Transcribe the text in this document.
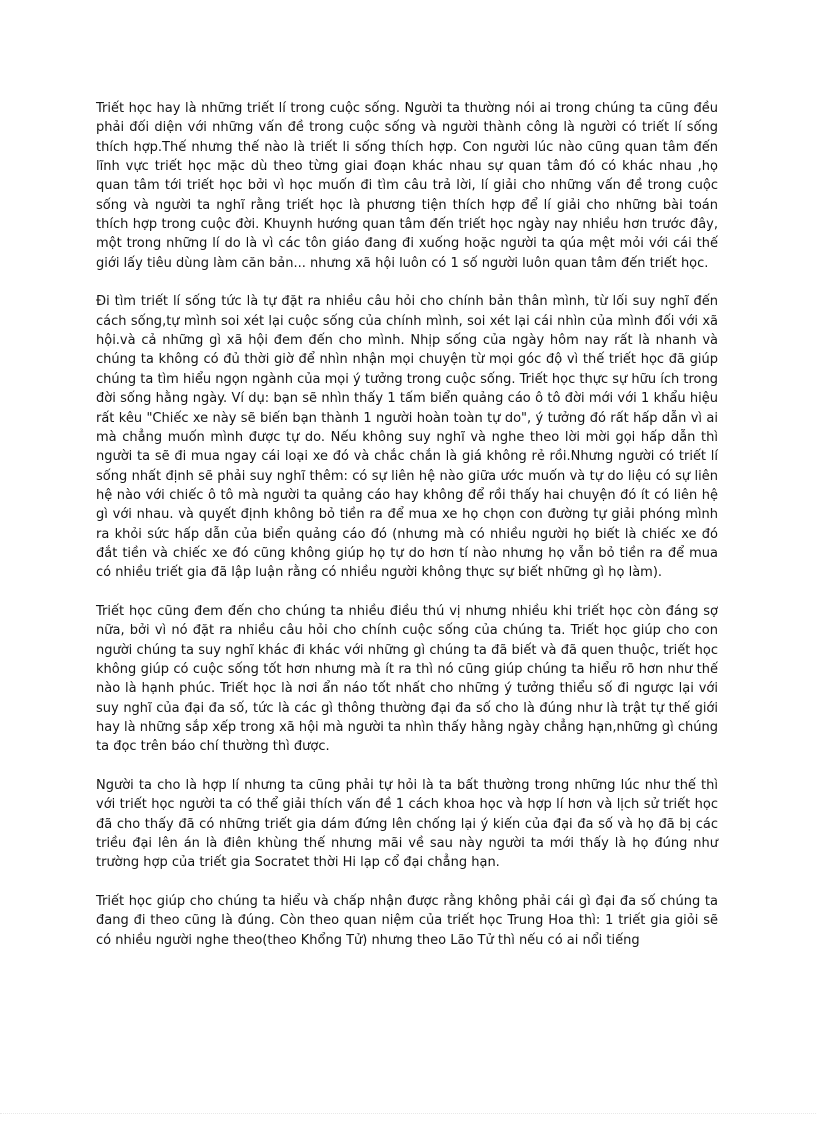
Triết học hay là những triết lí trong cuộc sống. Người ta thường nói ai trong chúng ta cũng đều phải đối diện với những vấn đề trong cuộc sống và người thành công là người có triết lí sống thích hợp.Thế nhưng thế nào là triết li sống thích hợp. Con người lúc nào cũng quan tâm đến lĩnh vực triết học mặc dù theo từng giai đoạn khác nhau sự quan tâm đó có khác nhau ,họ quan tâm tới triết học bởi vì học muốn đi tìm câu trả lời, lí giải cho những vấn đề trong cuộc sống và người ta nghĩ rằng triết học là phương tiện thích hợp để lí giải cho những bài toán thích hợp trong cuộc đời. Khuynh hướng quan tâm đến triết học ngày nay nhiều hơn trước đây, một trong những lí do là vì các tôn giáo đang đi xuống hoặc người ta qúa mệt mỏi với cái thế giới lấy tiêu dùng làm căn bản... nhưng xã hội luôn có 1 số người luôn quan tâm đến triết học.

Đi tìm triết lí sống tức là tự đặt ra nhiều câu hỏi cho chính bản thân mình, từ lối suy nghĩ đến cách sống,tự mình soi xét lại cuộc sống của chính mình, soi xét lại cái nhìn của mình đối với xã hội.và cả những gì xã hội đem đến cho mình. Nhịp sống của ngày hôm nay rất là nhanh và chúng ta không có đủ thời giờ để nhìn nhận mọi chuyện từ mọi góc độ vì thế triết học đã giúp chúng ta tìm hiểu ngọn ngành của mọi ý tưởng trong cuộc sống. Triết học thực sự hữu ích trong đời sống hằng ngày. Ví dụ: bạn sẽ nhìn thấy 1 tấm biển quảng cáo ô tô đời mới với 1 khẩu hiệu rất kêu "Chiếc xe này sẽ biến bạn thành 1 người hoàn toàn tự do", ý tưởng đó rất hấp dẫn vì ai mà chẳng muốn mình được tự do. Nếu không suy nghĩ và nghe theo lời mời gọi hấp dẫn thì người ta sẽ đi mua ngay cái loại xe đó và chắc chắn là giá không rẻ rồi.Nhưng người có triết lí sống nhất định sẽ phải suy nghĩ thêm: có sự liên hệ nào giữa ước muốn và tự do liệu có sự liên hệ nào với chiếc ô tô mà người ta quảng cáo hay không để rồi thấy hai chuyện đó ít có liên hệ gì với nhau. và quyết định không bỏ tiền ra để mua xe họ chọn con đường tự giải phóng mình ra khỏi sức hấp dẫn của biển quảng cáo đó (nhưng mà có nhiều người họ biết là chiếc xe đó đắt tiền và chiếc xe đó cũng không giúp họ tự do hơn tí nào nhưng họ vẫn bỏ tiền ra để mua có nhiều triết gia đã lập luận rằng có nhiều người không thực sự biết những gì họ làm).

Triết học cũng đem đến cho chúng ta nhiều điều thú vị nhưng nhiều khi triết học còn đáng sợ nữa, bởi vì nó đặt ra nhiều câu hỏi cho chính cuộc sống của chúng ta. Triết học giúp cho con người chúng ta suy nghĩ khác đi khác với những gì chúng ta đã biết và đã quen thuộc, triết học không giúp có cuộc sống tốt hơn nhưng mà ít ra thì nó cũng giúp chúng ta hiểu rõ hơn như thế nào là hạnh phúc. Triết học là nơi ẩn náo tốt nhất cho những ý tưởng thiểu số đi ngược lại với suy nghĩ của đại đa số, tức là các gì thông thường đại đa số cho là đúng như là trật tự thế giới hay là những sắp xếp trong xã hội mà người ta nhìn thấy hằng ngày chẳng hạn,những gì chúng ta đọc trên báo chí thường thì được.

Người ta cho là hợp lí nhưng ta cũng phải tự hỏi là ta bất thường trong những lúc như thế thì với triết học người ta có thể giải thích vấn đề 1 cách khoa học và hợp lí hơn và lịch sử triết học đã cho thấy đã có những triết gia dám đứng lên chống lại ý kiến của đại đa số và họ đã bị các triều đại lên án là điên khùng thế nhưng mãi về sau này người ta mới thấy là họ đúng như trường hợp của triết gia Socratet thời Hi lạp cổ đại chẳng hạn.

Triết học giúp cho chúng ta hiểu và chấp nhận được rằng không phải cái gì đại đa số chúng ta đang đi theo cũng là đúng. Còn theo quan niệm của triết học Trung Hoa thì: 1 triết gia giỏi sẽ có nhiều người nghe theo(theo Khổng Tử) nhưng theo Lão Tử thì nếu có ai nổi tiếng
